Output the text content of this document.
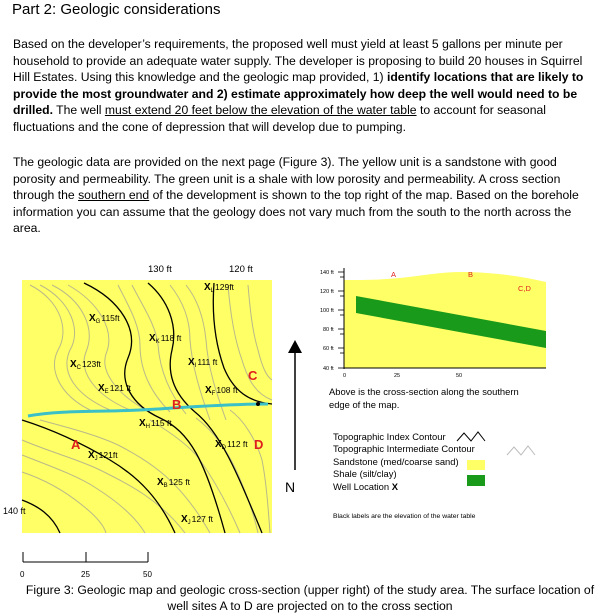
Part 2: Geologic considerations
Based on the developer’s requirements, the proposed well must yield at least 5 gallons per minute per household to provide an adequate water supply. The developer is proposing to build 20 houses in Squirrel Hill Estates. Using this knowledge and the geologic map provided, 1) identify locations that are likely to provide the most groundwater and 2) estimate approximately how deep the well would need to be drilled. The well must extend 20 feet below the elevation of the water table to account for seasonal fluctuations and the cone of depression that will develop due to pumping.
The geologic data are provided on the next page (Figure 3). The yellow unit is a sandstone with good porosity and permeability. The green unit is a shale with low porosity and permeability. A cross section through the southern end of the development is shown to the top right of the map. Based on the borehole information you can assume that the geology does not vary much from the south to the north across the area.
130 ft	120 ft
140 ft
$X_L129ft$
$X_K118$ ft
$X_G115ft$
$X_C123ft$
$X_E121$ ft
$X_I111$ ft
$X_F108$ ft
$X_H115$ ft
$X_J121ft$
$X_D112$ ft
$X_B125$ ft
$X_J127$ ft
A
B
C
D
N
0	25	50
140 ft
120 ft
100 ft
80 ft
60 ft
40 ft
0	25	50
A	B
C,D
Above is the cross-section along the southern edge of the map.
Topographic Index Contour
Topographic Intermediate Contour
Sandstone (med/coarse sand)
Shale (silt/clay)
Well Location X
Black labels are the elevation of the water table
Figure 3: Geologic map and geologic cross-section (upper right) of the study area. The surface location of well sites A to D are projected on to the cross section
